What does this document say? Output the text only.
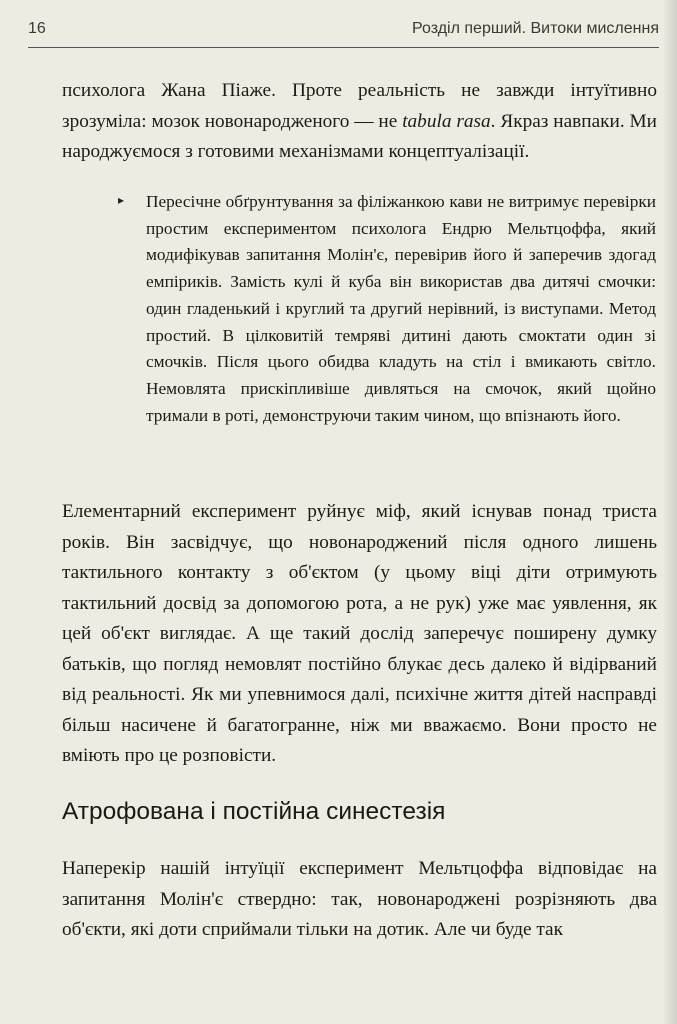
16	Розділ перший. Витоки мислення

психолога Жана Піаже. Проте реальність не завжди інтуїтивно зрозуміла: мозок новонародженого — не tabula rasa. Якраз навпаки. Ми народжуємося з готовими механізмами концептуалізації.

▸ Пересічне обґрунтування за філіжанкою кави не витримує перевірки простим експериментом психолога Ендрю Мельтцоффа, який модифікував запитання Молін'є, перевірив його й заперечив здогад емпіриків. Замість кулі й куба він використав два дитячі смочки: один гладенький і круглий та другий нерівний, із виступами. Метод простий. В цілковитій темряві дитині дають смоктати один зі смочків. Після цього обидва кладуть на стіл і вмикають світло. Немовлята прискіпливіше дивляться на смочок, який щойно тримали в роті, демонструючи таким чином, що впізнають його.

Елементарний експеримент руйнує міф, який існував понад триста років. Він засвідчує, що новонароджений після одного лишень тактильного контакту з об'єктом (у цьому віці діти отримують тактильний досвід за допомогою рота, а не рук) уже має уявлення, як цей об'єкт виглядає. А ще такий дослід заперечує поширену думку батьків, що погляд немовлят постійно блукає десь далеко й відірваний від реальності. Як ми упевнимося далі, психічне життя дітей насправді більш насичене й багатогранне, ніж ми вважаємо. Вони просто не вміють про це розповісти.

Атрофована і постійна синестезія

Наперекір нашій інтуїції експеримент Мельтцоффа відповідає на запитання Молін'є ствердно: так, новонароджені розрізняють два об'єкти, які доти сприймали тільки на дотик. Але чи буде так
